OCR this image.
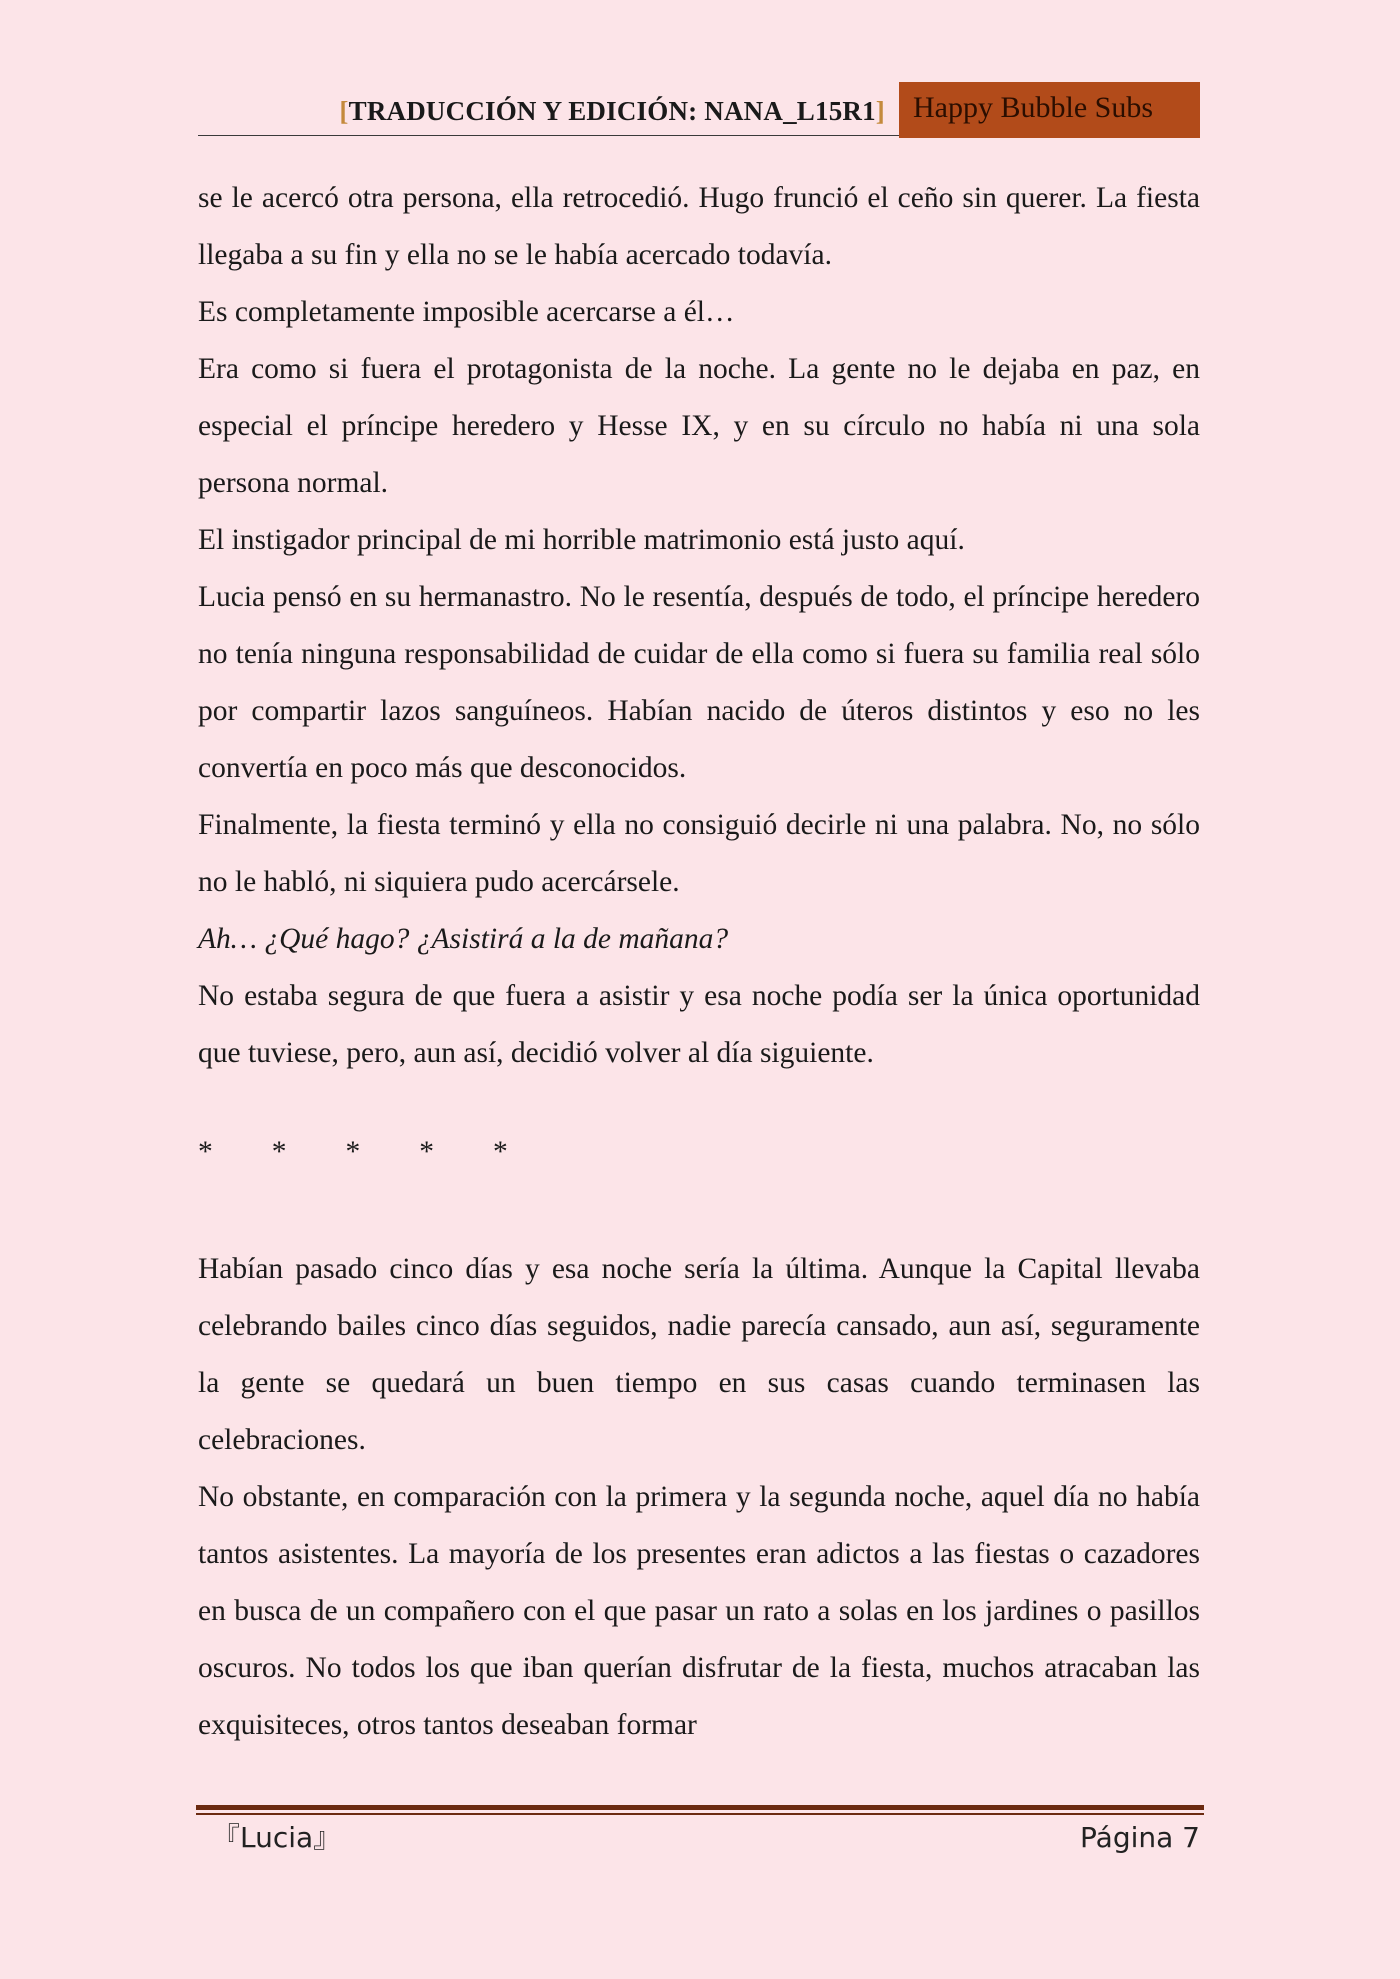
[TRADUCCIÓN Y EDICIÓN: NANA_L15R1] Happy Bubble Subs

se le acercó otra persona, ella retrocedió. Hugo frunció el ceño sin querer. La fiesta llegaba a su fin y ella no se le había acercado todavía.

Es completamente imposible acercarse a él…

Era como si fuera el protagonista de la noche. La gente no le dejaba en paz, en especial el príncipe heredero y Hesse IX, y en su círculo no había ni una sola persona normal.

El instigador principal de mi horrible matrimonio está justo aquí.

Lucia pensó en su hermanastro. No le resentía, después de todo, el príncipe heredero no tenía ninguna responsabilidad de cuidar de ella como si fuera su familia real sólo por compartir lazos sanguíneos. Habían nacido de úteros distintos y eso no les convertía en poco más que desconocidos.

Finalmente, la fiesta terminó y ella no consiguió decirle ni una palabra. No, no sólo no le habló, ni siquiera pudo acercársele.

Ah… ¿Qué hago? ¿Asistirá a la de mañana?

No estaba segura de que fuera a asistir y esa noche podía ser la única oportunidad que tuviese, pero, aun así, decidió volver al día siguiente.

*        *        *        *        *

Habían pasado cinco días y esa noche sería la última. Aunque la Capital llevaba celebrando bailes cinco días seguidos, nadie parecía cansado, aun así, seguramente la gente se quedará un buen tiempo en sus casas cuando terminasen las celebraciones.

No obstante, en comparación con la primera y la segunda noche, aquel día no había tantos asistentes. La mayoría de los presentes eran adictos a las fiestas o cazadores en busca de un compañero con el que pasar un rato a solas en los jardines o pasillos oscuros. No todos los que iban querían disfrutar de la fiesta, muchos atracaban las exquisiteces, otros tantos deseaban formar

『Lucia』	Página 7
